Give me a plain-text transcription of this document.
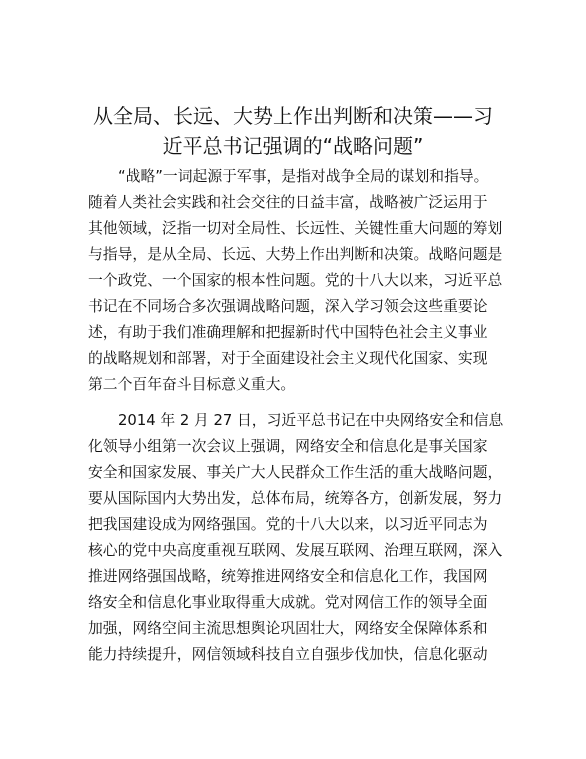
从全局、长远、大势上作出判断和决策——习
近平总书记强调的“战略问题”
“战略”一词起源于军事，是指对战争全局的谋划和指导。
随着人类社会实践和社会交往的日益丰富，战略被广泛运用于
其他领域，泛指一切对全局性、长远性、关键性重大问题的筹划
与指导，是从全局、长远、大势上作出判断和决策。战略问题是
一个政党、一个国家的根本性问题。党的十八大以来，习近平总
书记在不同场合多次强调战略问题，深入学习领会这些重要论
述，有助于我们准确理解和把握新时代中国特色社会主义事业
的战略规划和部署，对于全面建设社会主义现代化国家、实现
第二个百年奋斗目标意义重大。
2014 年 2 月 27 日，习近平总书记在中央网络安全和信息
化领导小组第一次会议上强调，网络安全和信息化是事关国家
安全和国家发展、事关广大人民群众工作生活的重大战略问题，
要从国际国内大势出发，总体布局，统筹各方，创新发展，努力
把我国建设成为网络强国。党的十八大以来，以习近平同志为
核心的党中央高度重视互联网、发展互联网、治理互联网，深入
推进网络强国战略，统筹推进网络安全和信息化工作，我国网
络安全和信息化事业取得重大成就。党对网信工作的领导全面
加强，网络空间主流思想舆论巩固壮大，网络安全保障体系和
能力持续提升，网信领域科技自立自强步伐加快，信息化驱动
